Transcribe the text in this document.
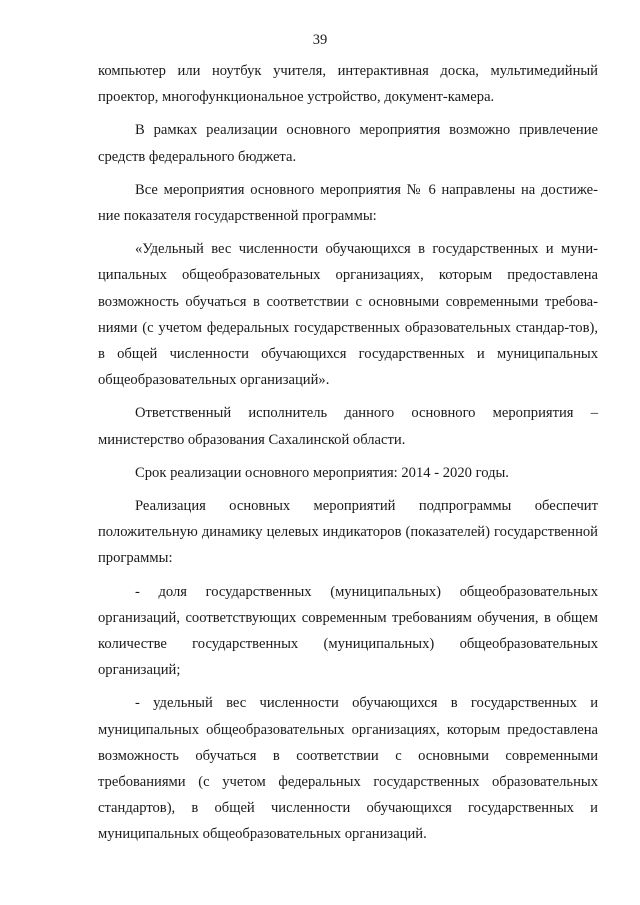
39

компьютер или ноутбук учителя, интерактивная доска, мультимедийный проектор, многофункциональное устройство, документ-камера.

В рамках реализации основного мероприятия возможно привлечение средств федерального бюджета.

Все мероприятия основного мероприятия № 6 направлены на достиже-ние показателя государственной программы:

«Удельный вес численности обучающихся в государственных и муни-ципальных общеобразовательных организациях, которым предоставлена возможность обучаться в соответствии с основными современными требова-ниями (с учетом федеральных государственных образовательных стандар-тов), в общей численности обучающихся государственных и муниципальных общеобразовательных организаций».

Ответственный исполнитель данного основного мероприятия – министерство образования Сахалинской области.

Срок реализации основного мероприятия: 2014 - 2020 годы.

Реализация основных мероприятий подпрограммы обеспечит положительную динамику целевых индикаторов (показателей) государственной программы:

- доля государственных (муниципальных) общеобразовательных организаций, соответствующих современным требованиям обучения, в общем количестве государственных (муниципальных) общеобразовательных организаций;

- удельный вес численности обучающихся в государственных и муниципальных общеобразовательных организациях, которым предоставлена возможность обучаться в соответствии с основными современными требованиями (с учетом федеральных государственных образовательных стандартов), в общей численности обучающихся государственных и муниципальных общеобразовательных организаций.
